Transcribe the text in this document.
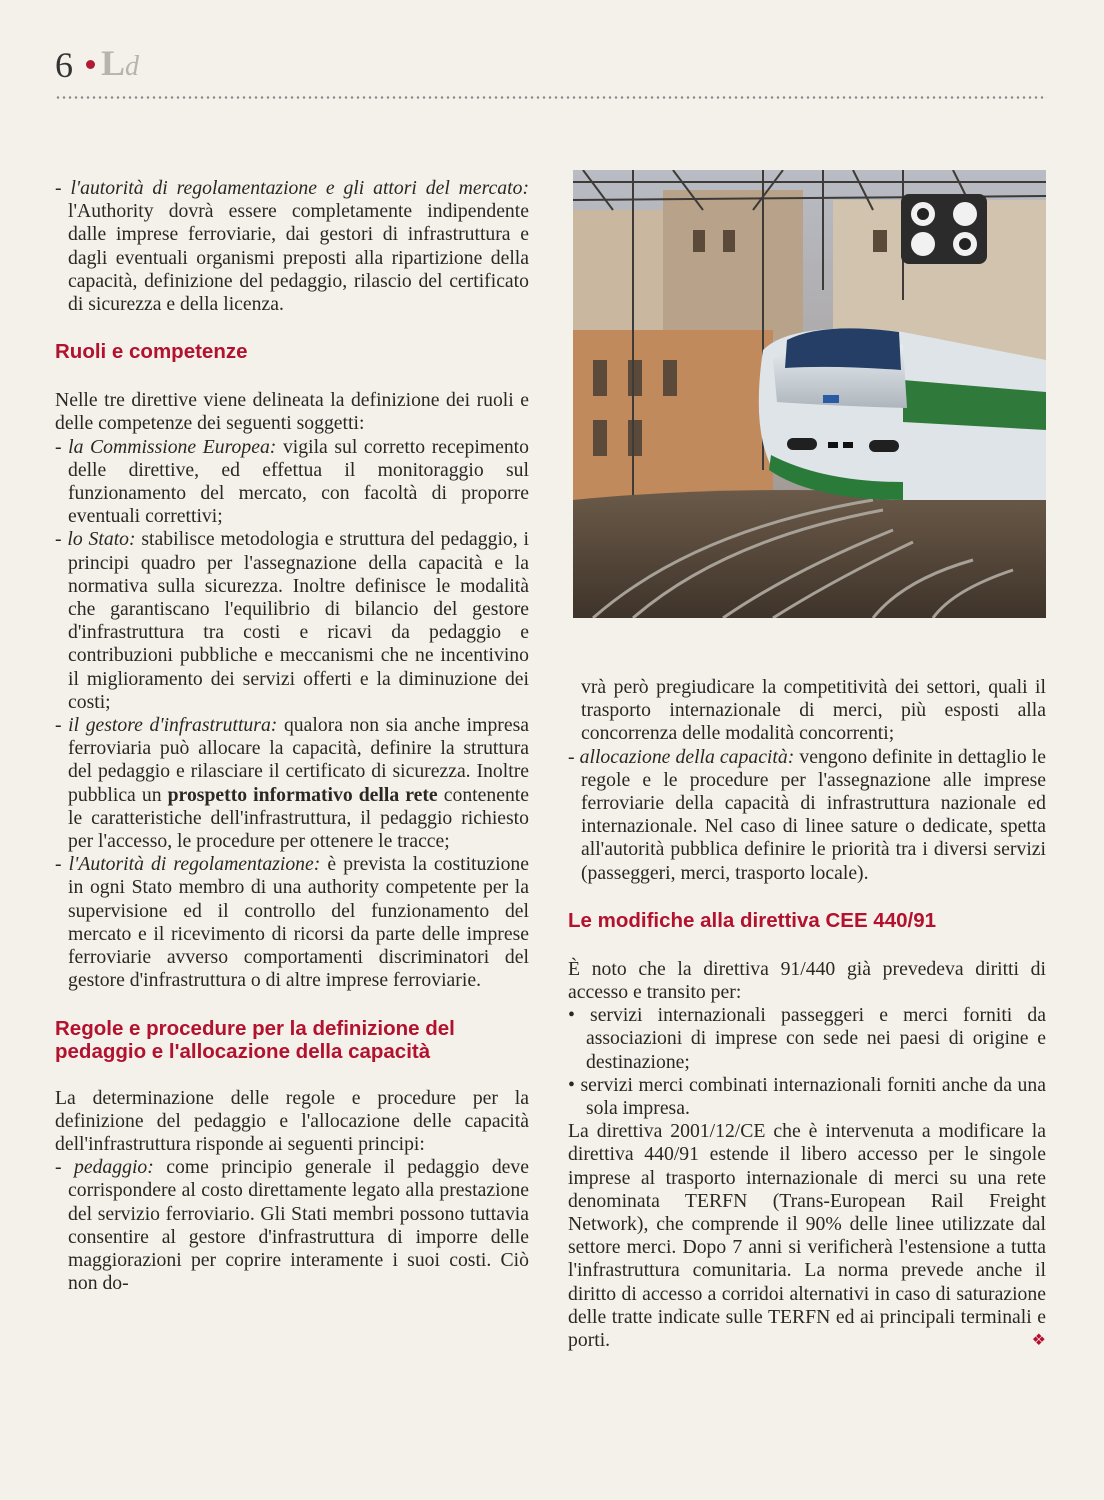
6 Ld

- l'autorità di regolamentazione e gli attori del mercato: l'Authority dovrà essere completamente indipendente dalle imprese ferroviarie, dai gestori di infrastruttura e dagli eventuali organismi preposti alla ripartizione della capacità, definizione del pedaggio, rilascio del certificato di sicurezza e della licenza.

Ruoli e competenze

Nelle tre direttive viene delineata la definizione dei ruoli e delle competenze dei seguenti soggetti:

- la Commissione Europea: vigila sul corretto recepimento delle direttive, ed effettua il monitoraggio sul funzionamento del mercato, con facoltà di proporre eventuali correttivi;

- lo Stato: stabilisce metodologia e struttura del pedaggio, i principi quadro per l'assegnazione della capacità e la normativa sulla sicurezza. Inoltre definisce le modalità che garantiscano l'equilibrio di bilancio del gestore d'infrastruttura tra costi e ricavi da pedaggio e contribuzioni pubbliche e meccanismi che ne incentivino il miglioramento dei servizi offerti e la diminuzione dei costi;

- il gestore d'infrastruttura: qualora non sia anche impresa ferroviaria può allocare la capacità, definire la struttura del pedaggio e rilasciare il certificato di sicurezza. Inoltre pubblica un prospetto informativo della rete contenente le caratteristiche dell'infrastruttura, il pedaggio richiesto per l'accesso, le procedure per ottenere le tracce;

- l'Autorità di regolamentazione: è prevista la costituzione in ogni Stato membro di una authority competente per la supervisione ed il controllo del funzionamento del mercato e il ricevimento di ricorsi da parte delle imprese ferroviarie avverso comportamenti discriminatori del gestore d'infrastruttura o di altre imprese ferroviarie.

Regole e procedure per la definizione del pedaggio e l'allocazione della capacità

La determinazione delle regole e procedure per la definizione del pedaggio e l'allocazione delle capacità dell'infrastruttura risponde ai seguenti principi:

- pedaggio: come principio generale il pedaggio deve corrispondere al costo direttamente legato alla prestazione del servizio ferroviario. Gli Stati membri possono tuttavia consentire al gestore d'infrastruttura di imporre delle maggiorazioni per coprire interamente i suoi costi. Ciò non do-

vrà però pregiudicare la competitività dei settori, quali il trasporto internazionale di merci, più esposti alla concorrenza delle modalità concorrenti;

- allocazione della capacità: vengono definite in dettaglio le regole e le procedure per l'assegnazione alle imprese ferroviarie della capacità di infrastruttura nazionale ed internazionale. Nel caso di linee sature o dedicate, spetta all'autorità pubblica definire le priorità tra i diversi servizi (passeggeri, merci, trasporto locale).

Le modifiche alla direttiva CEE 440/91

È noto che la direttiva 91/440 già prevedeva diritti di accesso e transito per:

• servizi internazionali passeggeri e merci forniti da associazioni di imprese con sede nei paesi di origine e destinazione;

• servizi merci combinati internazionali forniti anche da una sola impresa.

La direttiva 2001/12/CE che è intervenuta a modificare la direttiva 440/91 estende il libero accesso per le singole imprese al trasporto internazionale di merci su una rete denominata TERFN (Trans-European Rail Freight Network), che comprende il 90% delle linee utilizzate dal settore merci. Dopo 7 anni si verificherà l'estensione a tutta l'infrastruttura comunitaria. La norma prevede anche il diritto di accesso a corridoi alternativi in caso di saturazione delle tratte indicate sulle TERFN ed ai principali terminali e porti.	❖
